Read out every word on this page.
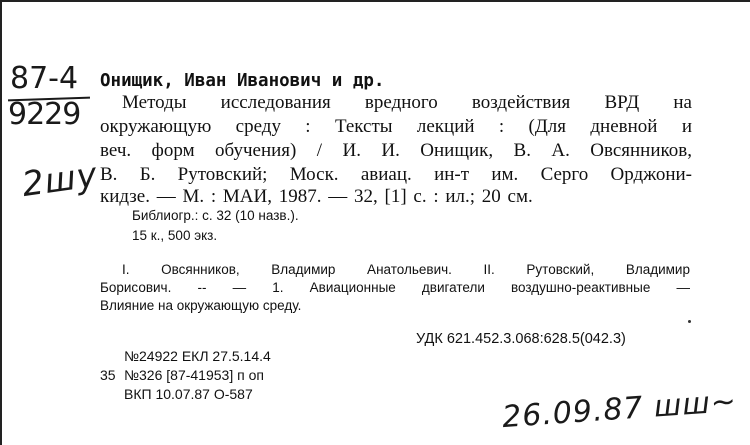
87-4
9229
2шу
Онищик, Иван Иванович и др.
Методы исследования вредного воздействия ВРД на
окружающую среду : Тексты лекций : (Для дневной и
веч. форм обучения) / И. И. Онищик, В. А. Овсянников,
В. Б. Рутовский; Моск. авиац. ин-т им. Серго Орджони-
кидзе. — М. : МАИ, 1987. — 32, [1] с. : ил.; 20 см.
Библиогр.: с. 32 (10 назв.).
15 к., 500 экз.
I. Овсянников, Владимир Анатольевич. II. Рутовский, Владимир
Борисович. -- — 1. Авиационные двигатели воздушно-реактивные —
Влияние на окружающую среду.
УДК 621.452.3.068:628.5(042.3)
№24922 ЕКЛ 27.5.14.4
35 №326 [87-41953] п оп
ВКП 10.07.87 О-587	26.09.87 шш~
